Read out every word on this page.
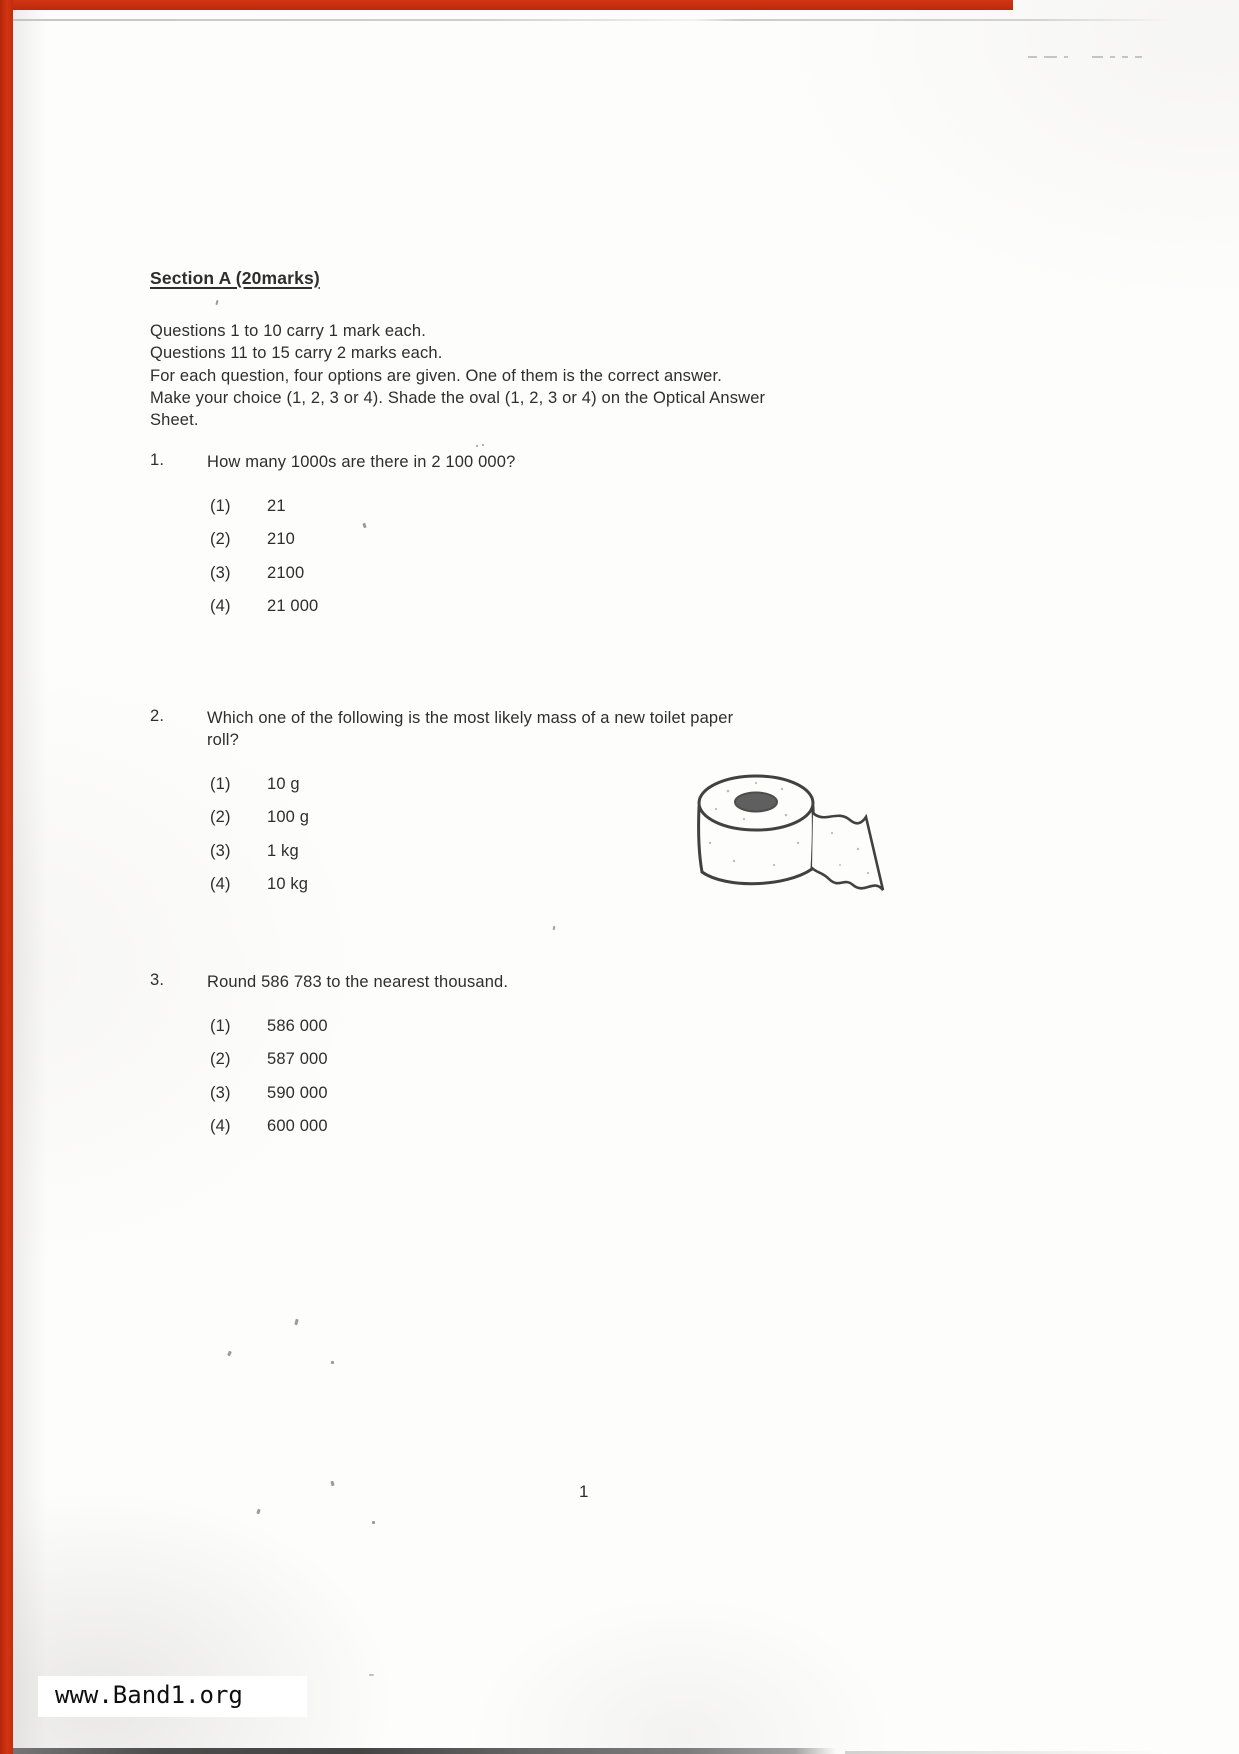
Section A (20marks)
Questions 1 to 10 carry 1 mark each.
Questions 11 to 15 carry 2 marks each.
For each question, four options are given. One of them is the correct answer.
Make your choice (1, 2, 3 or 4). Shade the oval (1, 2, 3 or 4) on the Optical Answer
Sheet.
1.	How many 1000s are there in 2 100 000?
(1)	21
(2)	210
(3)	2100
(4)	21 000
2.	Which one of the following is the most likely mass of a new toilet paper
roll?
(1)	10 g
(2)	100 g
(3)	1 kg
(4)	10 kg
3.	Round 586 783 to the nearest thousand.
(1)	586 000
(2)	587 000
(3)	590 000
(4)	600 000
1
www.Band1.org
